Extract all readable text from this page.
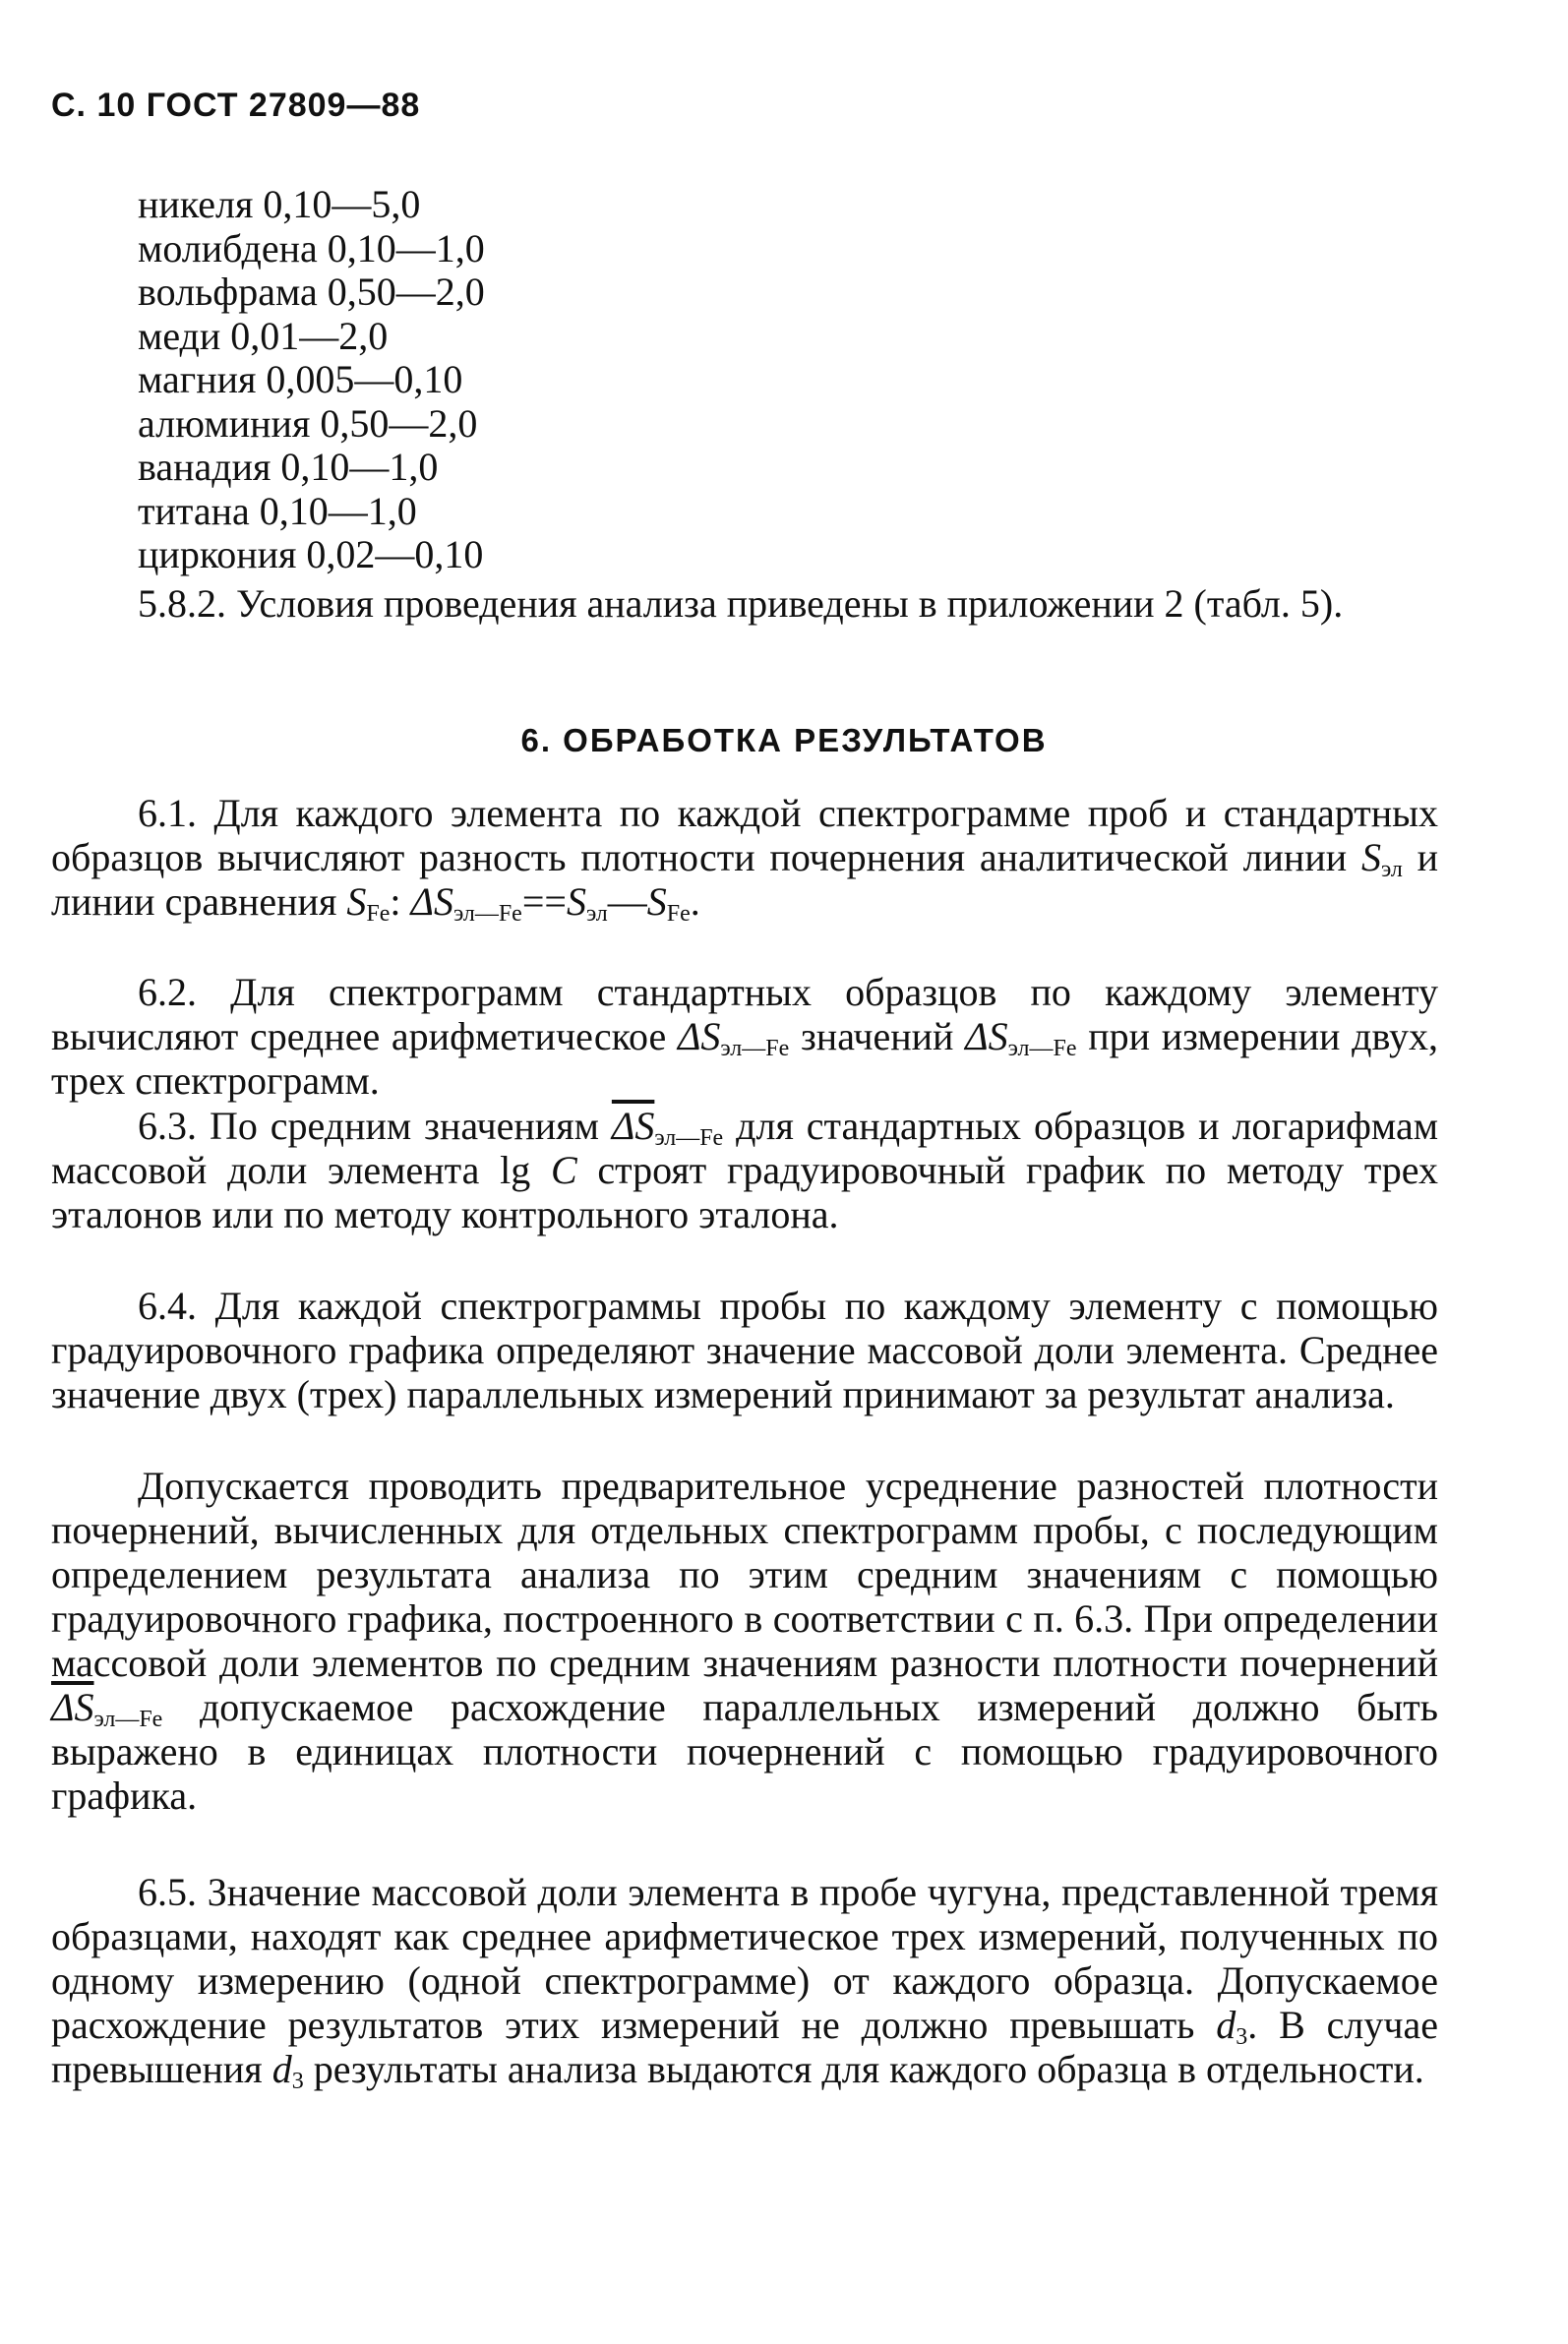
С. 10 ГОСТ 27809—88
никеля 0,10—5,0
молибдена 0,10—1,0
вольфрама 0,50—2,0
меди 0,01—2,0
магния 0,005—0,10
алюминия 0,50—2,0
ванадия 0,10—1,0
титана 0,10—1,0
циркония 0,02—0,10
5.8.2. Условия проведения анализа приведены в приложении 2 (табл. 5).
6. ОБРАБОТКА РЕЗУЛЬТАТОВ
6.1. Для каждого элемента по каждой спектрограмме проб и стандартных образцов вычисляют разность плотности почернения аналитической линии $S_{эл}$ и линии сравнения $S_{Fe}$: $\Delta S_{эл—Fe}==S_{эл}—S_{Fe}$.
6.2. Для спектрограмм стандартных образцов по каждому элементу вычисляют среднее арифметическое $\Delta S_{эл—Fe}$ значений $\Delta S_{эл—Fe}$ при измерении двух, трех спектрограмм.
6.3. По средним значениям $\overline{\Delta S}_{эл—Fe}$ для стандартных образцов и логарифмам массовой доли элемента lg C строят градуировочный график по методу трех эталонов или по методу контрольного эталона.
6.4. Для каждой спектрограммы пробы по каждому элементу с помощью градуировочного графика определяют значение массовой доли элемента. Среднее значение двух (трех) параллельных измерений принимают за результат анализа.
Допускается проводить предварительное усреднение разностей плотности почернений, вычисленных для отдельных спектрограмм пробы, с последующим определением результата анализа по этим средним значениям с помощью градуировочного графика, построенного в соответствии с п. 6.3. При определении массовой доли элементов по средним значениям разности плотности почернений $\overline{\Delta S}_{эл—Fe}$ допускаемое расхождение параллельных измерений должно быть выражено в единицах плотности почернений с помощью градуировочного графика.
6.5. Значение массовой доли элемента в пробе чугуна, представленной тремя образцами, находят как среднее арифметическое трех измерений, полученных по одному измерению (одной спектрограмме) от каждого образца. Допускаемое расхождение результатов этих измерений не должно превышать $d_3$. В случае превышения $d_3$ результаты анализа выдаются для каждого образца в отдельности.
